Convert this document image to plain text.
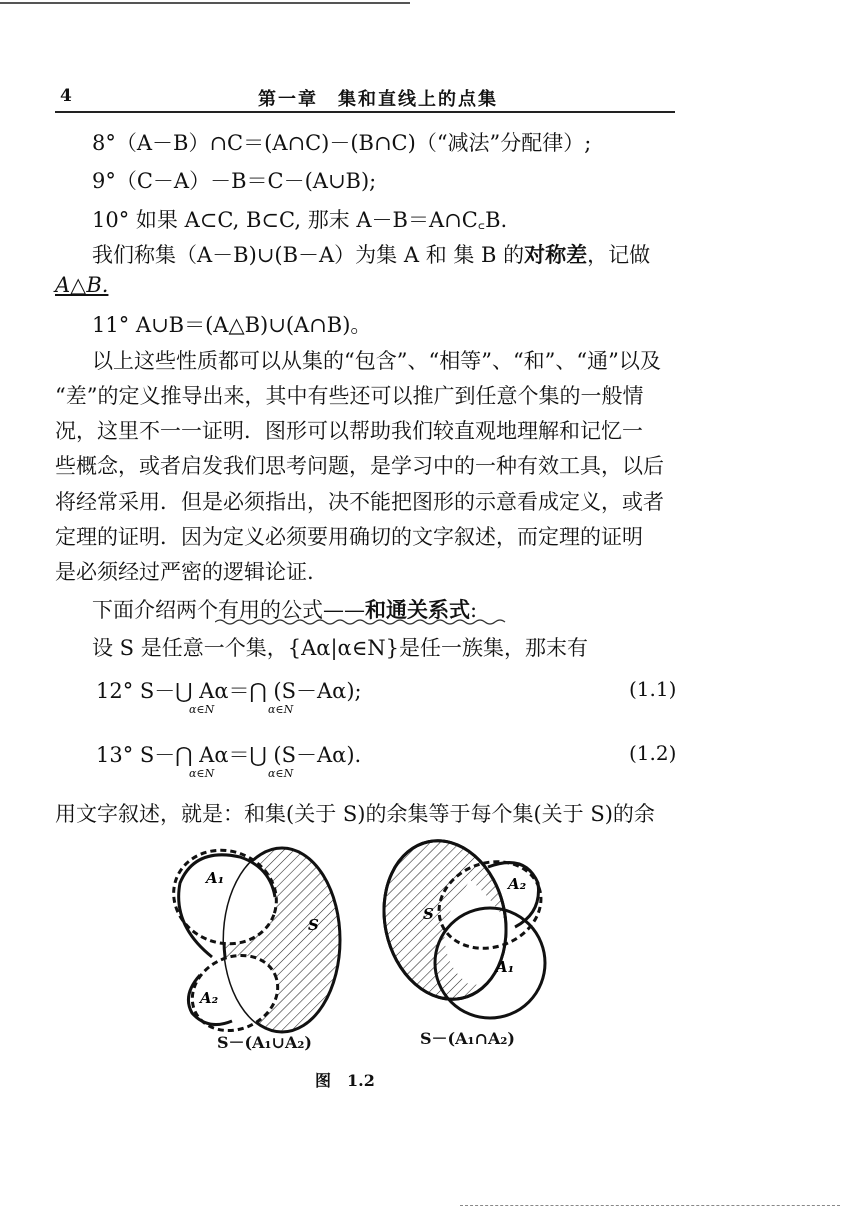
4	第一章　集和直线上的点集
8°（A－B）∩C＝(A∩C)－(B∩C)（“减法”分配律）;
9°（C－A）－B＝C－(A∪B);
10° 如果 A⊂C, B⊂C, 那末 A－B＝A∩C꜀B.
我们称集（A－B)∪(B－A）为集 A 和 集 B 的对称差，记做
A△B.
11° A∪B＝(A△B)∪(A∩B)。
以上这些性质都可以从集的“包含”、“相等”、“和”、“通”以及
“差”的定义推导出来，其中有些还可以推广到任意个集的一般情
况，这里不一一证明．图形可以帮助我们较直观地理解和记忆一
些概念，或者启发我们思考问题，是学习中的一种有效工具，以后
将经常采用．但是必须指出，决不能把图形的示意看成定义，或者
定理的证明．因为定义必须要用确切的文字叙述，而定理的证明
是必须经过严密的逻辑论证.
下面介绍两个有用的公式——和通关系式:
设 S 是任意一个集，{Aα|α∈N}是任一族集，那末有
12° S－⋃ Aα＝⋂ (S－Aα);
α∈N	α∈N
(1.1)
13° S－⋂ Aα＝⋃ (S－Aα).
α∈N	α∈N
(1.2)
用文字叙述，就是：和集(关于 S)的余集等于每个集(关于 S)的余
A₁
A₂
S
S
A₂
A₁
S－(A₁∪A₂)	S－(A₁∩A₂)
图　1.2
